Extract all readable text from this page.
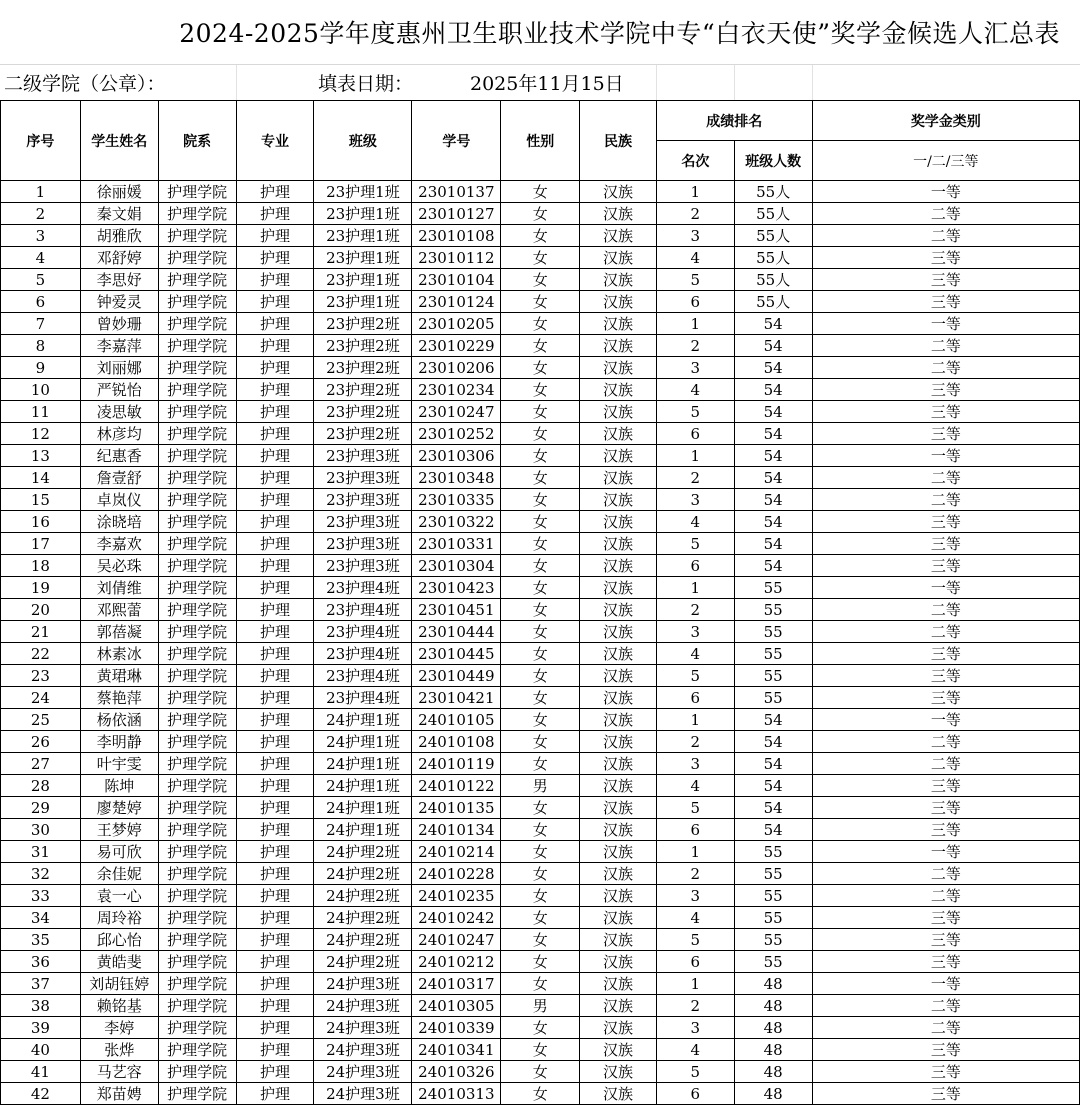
2024-2025学年度惠州卫生职业技术学院中专“白衣天使”奖学金候选人汇总表
二级学院（公章）：	填表日期：	2025年11月15日
序号	学生姓名	院系	专业	班级	学号	性别	民族	成绩排名		奖学金类别
								名次	班级人数	一/二/三等
1	徐丽媛	护理学院	护理	23护理1班	23010137	女	汉族	1	55人	一等
2	秦文娟	护理学院	护理	23护理1班	23010127	女	汉族	2	55人	二等
3	胡雅欣	护理学院	护理	23护理1班	23010108	女	汉族	3	55人	二等
4	邓舒婷	护理学院	护理	23护理1班	23010112	女	汉族	4	55人	三等
5	李思妤	护理学院	护理	23护理1班	23010104	女	汉族	5	55人	三等
6	钟爱灵	护理学院	护理	23护理1班	23010124	女	汉族	6	55人	三等
7	曾妙珊	护理学院	护理	23护理2班	23010205	女	汉族	1	54	一等
8	李嘉萍	护理学院	护理	23护理2班	23010229	女	汉族	2	54	二等
9	刘丽娜	护理学院	护理	23护理2班	23010206	女	汉族	3	54	二等
10	严锐怡	护理学院	护理	23护理2班	23010234	女	汉族	4	54	三等
11	凌思敏	护理学院	护理	23护理2班	23010247	女	汉族	5	54	三等
12	林彦均	护理学院	护理	23护理2班	23010252	女	汉族	6	54	三等
13	纪惠香	护理学院	护理	23护理3班	23010306	女	汉族	1	54	一等
14	詹壹舒	护理学院	护理	23护理3班	23010348	女	汉族	2	54	二等
15	卓岚仪	护理学院	护理	23护理3班	23010335	女	汉族	3	54	二等
16	涂晓培	护理学院	护理	23护理3班	23010322	女	汉族	4	54	三等
17	李嘉欢	护理学院	护理	23护理3班	23010331	女	汉族	5	54	三等
18	吴必珠	护理学院	护理	23护理3班	23010304	女	汉族	6	54	三等
19	刘倩维	护理学院	护理	23护理4班	23010423	女	汉族	1	55	一等
20	邓熙蕾	护理学院	护理	23护理4班	23010451	女	汉族	2	55	二等
21	郭蓓凝	护理学院	护理	23护理4班	23010444	女	汉族	3	55	二等
22	林素冰	护理学院	护理	23护理4班	23010445	女	汉族	4	55	三等
23	黄珺琳	护理学院	护理	23护理4班	23010449	女	汉族	5	55	三等
24	蔡艳萍	护理学院	护理	23护理4班	23010421	女	汉族	6	55	三等
25	杨依涵	护理学院	护理	24护理1班	24010105	女	汉族	1	54	一等
26	李明静	护理学院	护理	24护理1班	24010108	女	汉族	2	54	二等
27	叶宇雯	护理学院	护理	24护理1班	24010119	女	汉族	3	54	二等
28	陈坤	护理学院	护理	24护理1班	24010122	男	汉族	4	54	三等
29	廖楚婷	护理学院	护理	24护理1班	24010135	女	汉族	5	54	三等
30	王梦婷	护理学院	护理	24护理1班	24010134	女	汉族	6	54	三等
31	易可欣	护理学院	护理	24护理2班	24010214	女	汉族	1	55	一等
32	余佳妮	护理学院	护理	24护理2班	24010228	女	汉族	2	55	二等
33	袁一心	护理学院	护理	24护理2班	24010235	女	汉族	3	55	二等
34	周玲裕	护理学院	护理	24护理2班	24010242	女	汉族	4	55	三等
35	邱心怡	护理学院	护理	24护理2班	24010247	女	汉族	5	55	三等
36	黄皓斐	护理学院	护理	24护理2班	24010212	女	汉族	6	55	三等
37	刘胡钰婷	护理学院	护理	24护理3班	24010317	女	汉族	1	48	一等
38	赖铭基	护理学院	护理	24护理3班	24010305	男	汉族	2	48	二等
39	李婷	护理学院	护理	24护理3班	24010339	女	汉族	3	48	二等
40	张烨	护理学院	护理	24护理3班	24010341	女	汉族	4	48	三等
41	马艺容	护理学院	护理	24护理3班	24010326	女	汉族	5	48	三等
42	郑苗娉	护理学院	护理	24护理3班	24010313	女	汉族	6	48	三等
